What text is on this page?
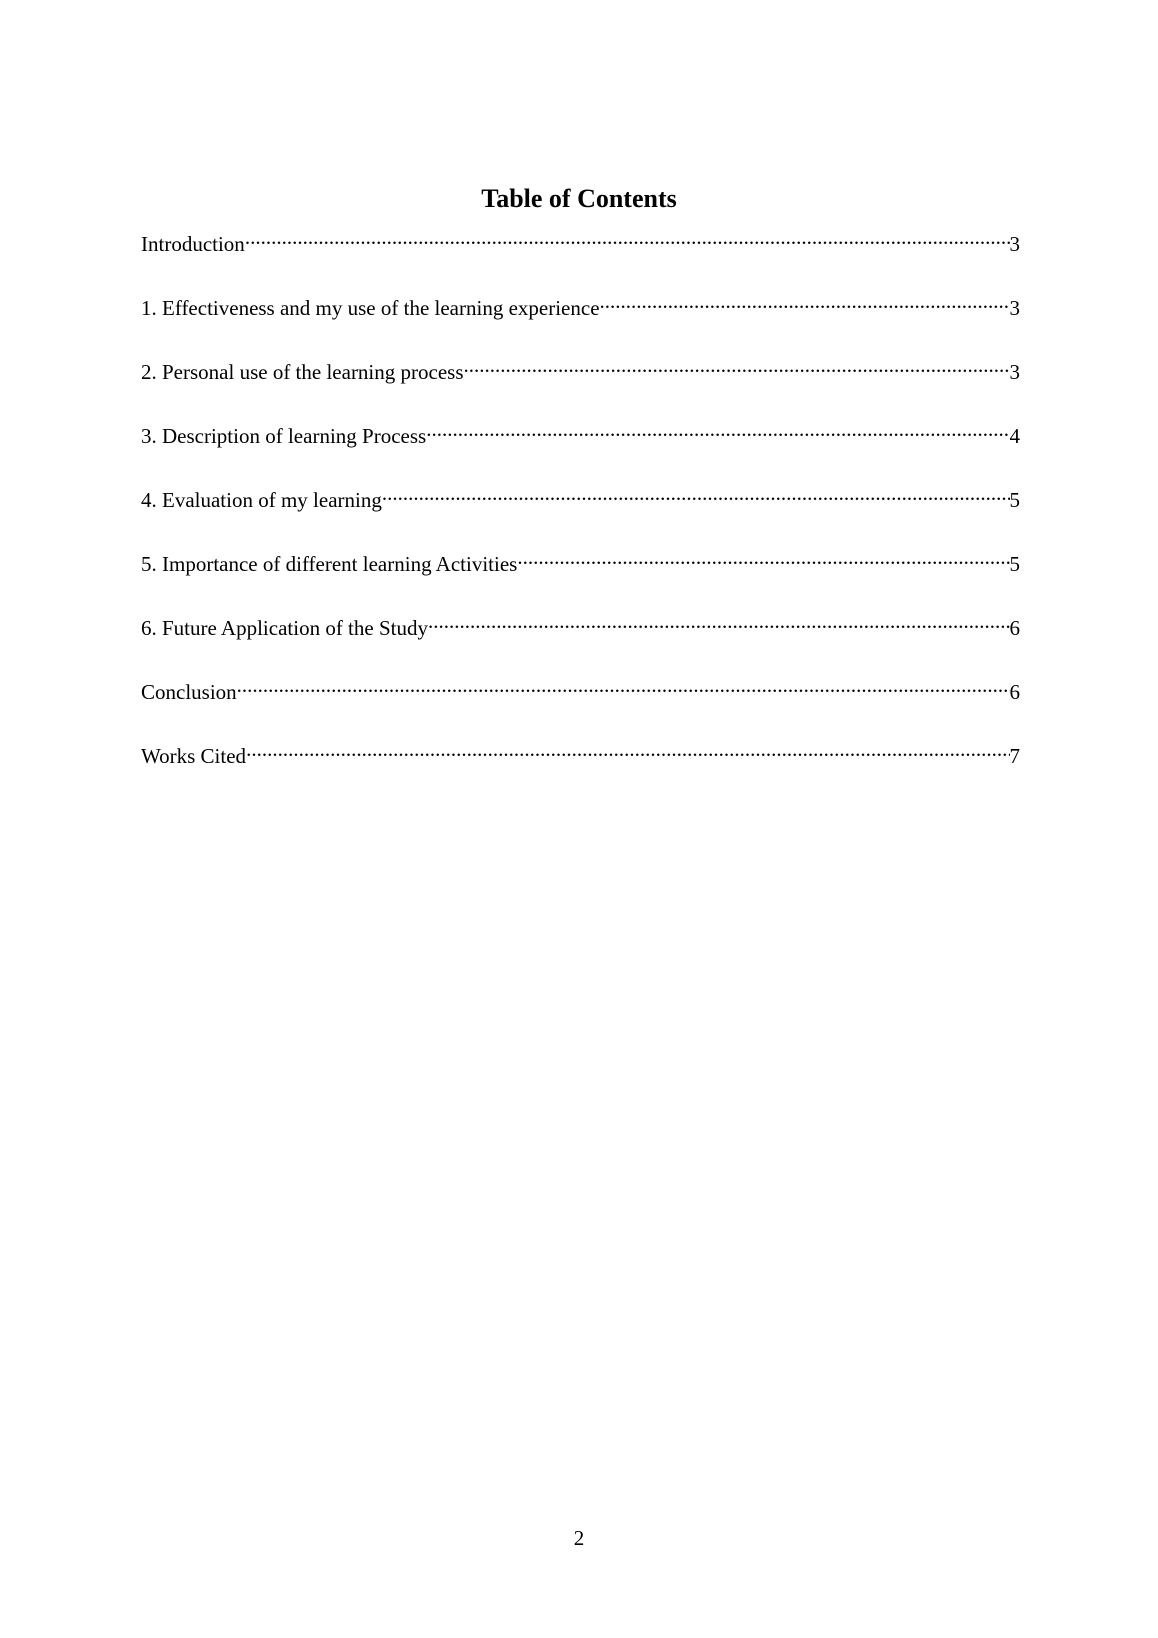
Table of Contents
Introduction .....	3
1. Effectiveness and my use of the learning experience .....	3
2. Personal use of the learning process .....	3
3. Description of learning Process .....	4
4. Evaluation of my learning .....	5
5. Importance of different learning Activities .....	5
6. Future Application of the Study .....	6
Conclusion .....	6
Works Cited .....	7
2
